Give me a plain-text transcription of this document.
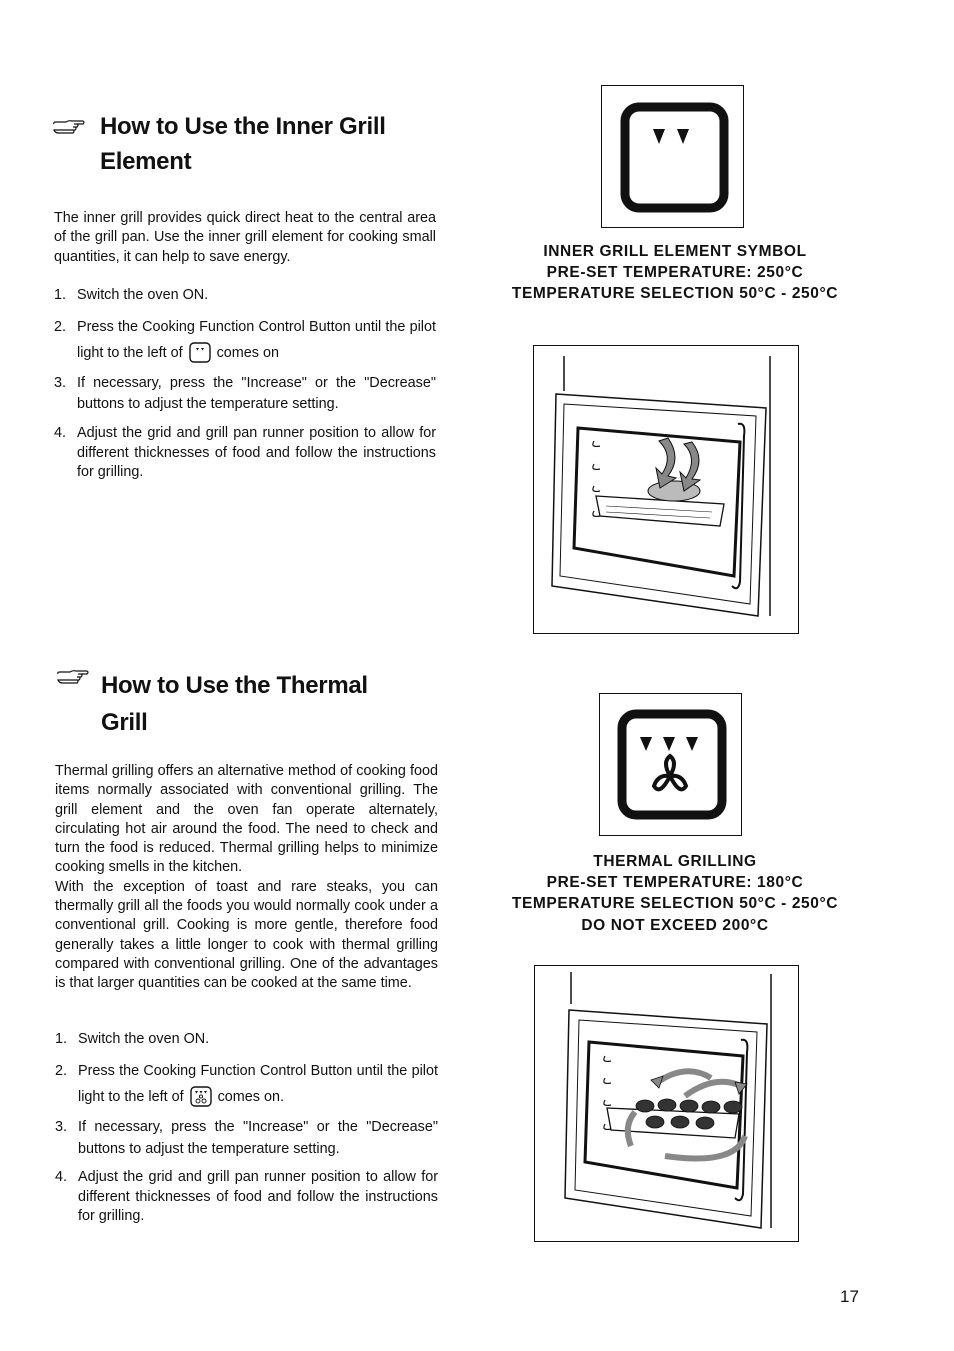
How to Use the Inner Grill
Element
The inner grill provides quick direct heat to the central area of the grill pan. Use the inner grill element for cooking small quantities, it can help to save energy.
1. Switch the oven ON.
2. Press the Cooking Function Control Button until the pilot light to the left of comes on
3. If necessary, press the "Increase" or the "Decrease" buttons to adjust the temperature setting.
4. Adjust the grid and grill pan runner position to allow for different thicknesses of food and follow the instructions for grilling.
INNER GRILL ELEMENT SYMBOL
PRE-SET TEMPERATURE: 250°C
TEMPERATURE SELECTION 50°C - 250°C
How to Use the Thermal
Grill
Thermal grilling offers an alternative method of cooking food items normally associated with conventional grilling. The grill element and the oven fan operate alternately, circulating hot air around the food. The need to check and turn the food is reduced. Thermal grilling helps to minimize cooking smells in the kitchen.
With the exception of toast and rare steaks, you can thermally grill all the foods you would normally cook under a conventional grill. Cooking is more gentle, therefore food generally takes a little longer to cook with thermal grilling compared with conventional grilling. One of the advantages is that larger quantities can be cooked at the same time.
1. Switch the oven ON.
2. Press the Cooking Function Control Button until the pilot light to the left of comes on.
3. If necessary, press the "Increase" or the "Decrease" buttons to adjust the temperature setting.
4. Adjust the grid and grill pan runner position to allow for different thicknesses of food and follow the instructions for grilling.
THERMAL GRILLING
PRE-SET TEMPERATURE: 180°C
TEMPERATURE SELECTION 50°C - 250°C
DO NOT EXCEED 200°C
17
